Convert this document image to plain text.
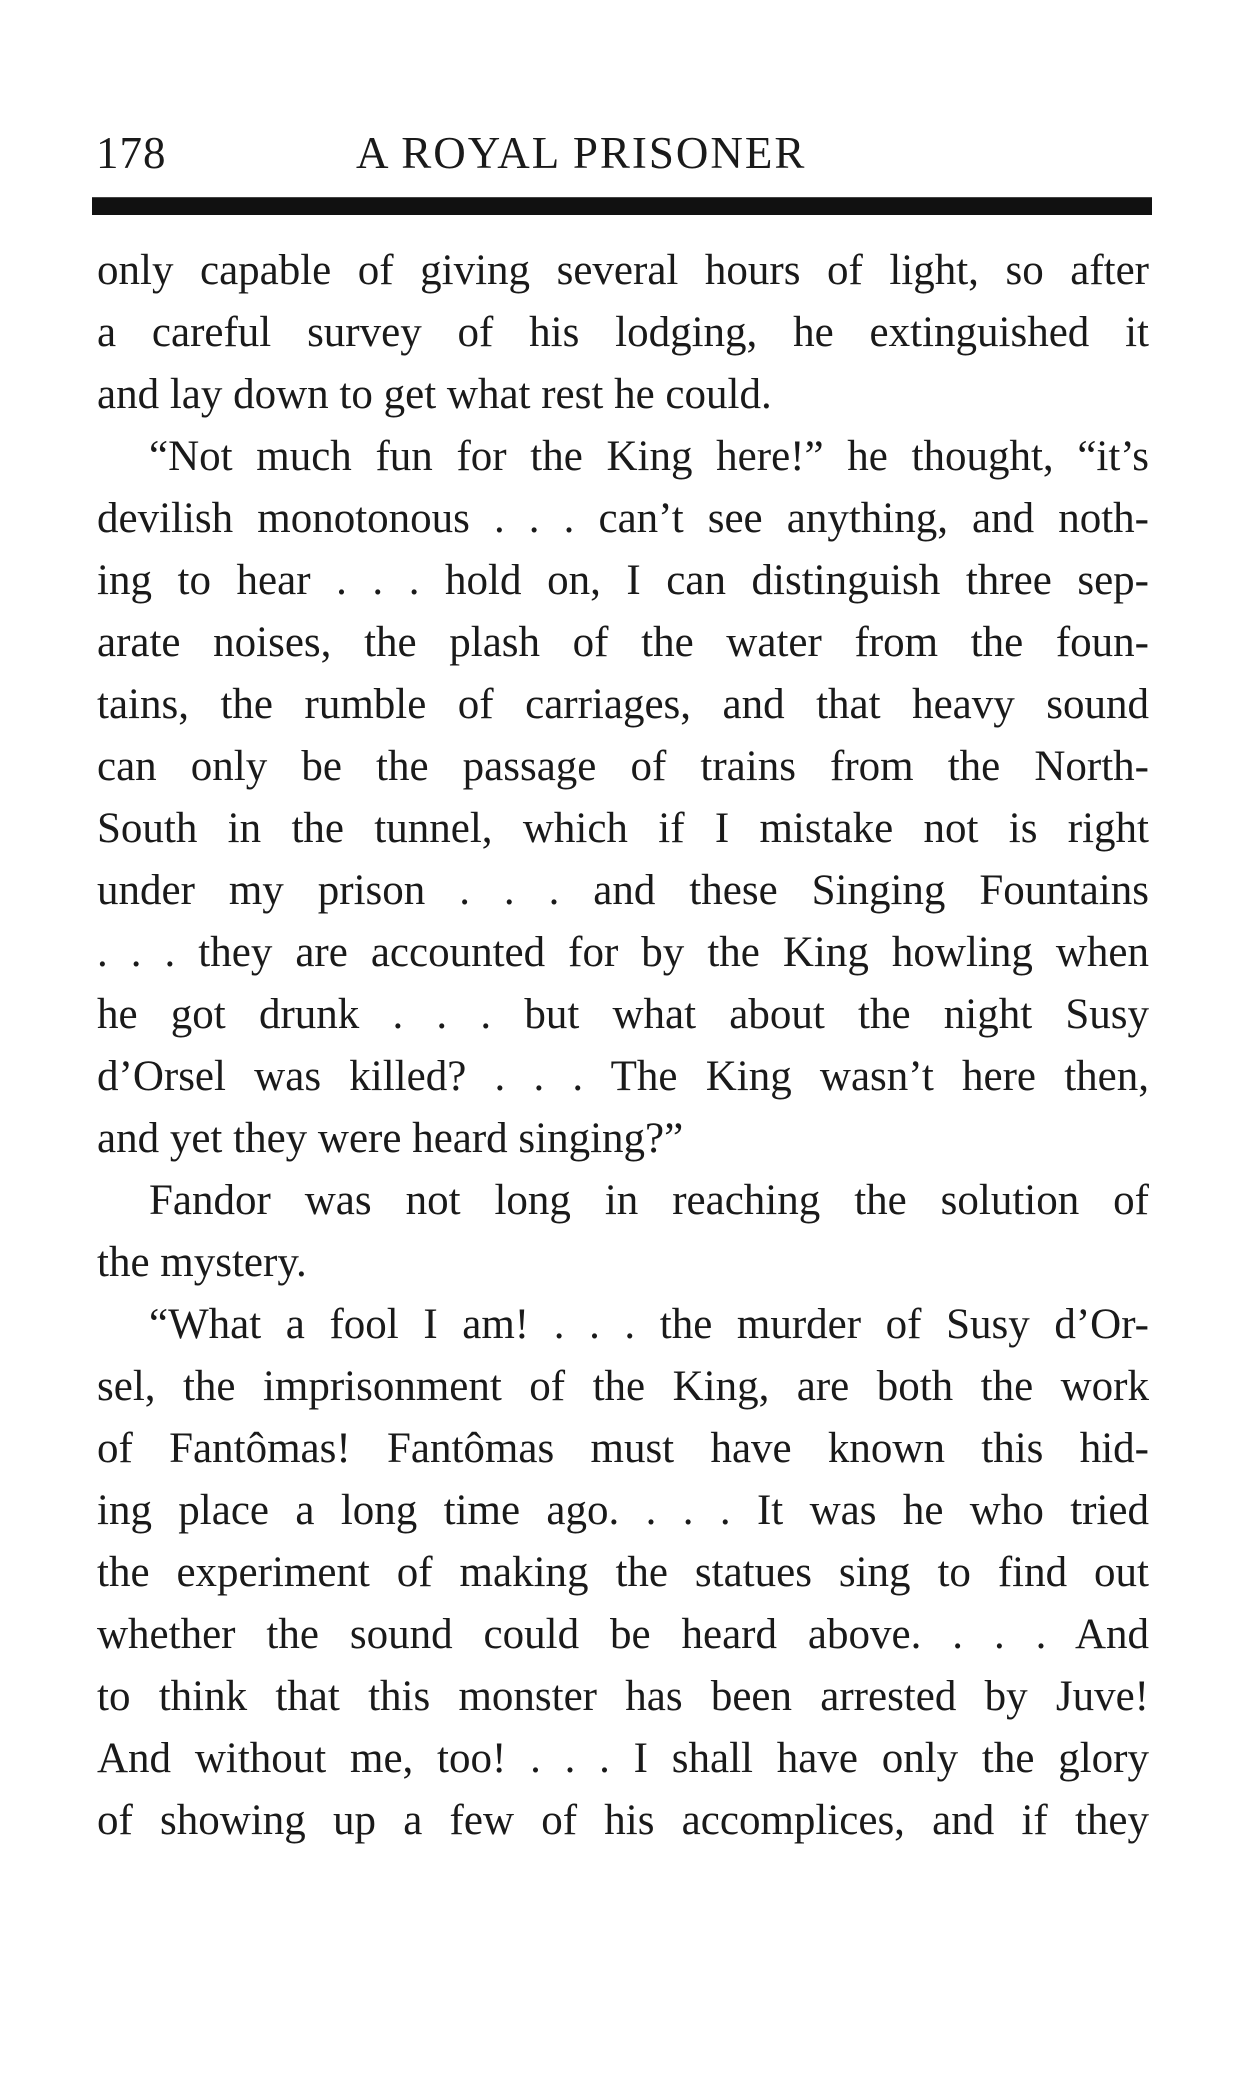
178	A ROYAL PRISONER
only capable of giving several hours of light, so after
a careful survey of his lodging, he extinguished it
and lay down to get what rest he could.
“Not much fun for the King here!” he thought, “it’s
devilish monotonous . . . can’t see anything, and noth-
ing to hear . . . hold on, I can distinguish three sep-
arate noises, the plash of the water from the foun-
tains, the rumble of carriages, and that heavy sound
can only be the passage of trains from the North-
South in the tunnel, which if I mistake not is right
under my prison . . . and these Singing Fountains
. . . they are accounted for by the King howling when
he got drunk . . . but what about the night Susy
d’Orsel was killed? . . . The King wasn’t here then,
and yet they were heard singing?”
Fandor was not long in reaching the solution of
the mystery.
“What a fool I am! . . . the murder of Susy d’Or-
sel, the imprisonment of the King, are both the work
of Fantômas! Fantômas must have known this hid-
ing place a long time ago. . . . It was he who tried
the experiment of making the statues sing to find out
whether the sound could be heard above. . . . And
to think that this monster has been arrested by Juve!
And without me, too! . . . I shall have only the glory
of showing up a few of his accomplices, and if they
